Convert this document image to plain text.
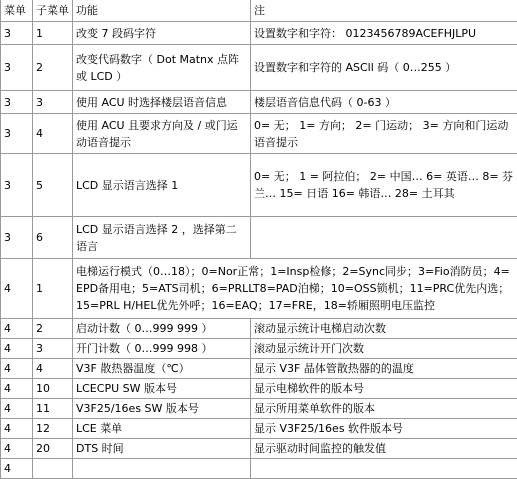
菜单	子菜单	功能	注
3	1	改变 7 段码字符	设置数字和字符： 0123456789ACEFHJLPU
3	2	改变代码数字（ Dot Matnx 点阵或 LCD ）	设置数字和字符的 ASCll 码（ 0…255 ）
3	3	使用 ACU 时选择楼层语音信息	楼层语音信息代码（ 0-63 ）
3	4	使用 ACU 且要求方向及 / 或门运动语音提示	0= 无； 1= 方向； 2= 门运动； 3= 方向和门运动语音提示
3	5	LCD 显示语言选择 1	0= 无； 1 = 阿拉伯； 2= 中国… 6= 英语… 8= 芬兰… 15= 日语 16= 韩语… 28= 土耳其
3	6	LCD 显示语言选择 2 ，选择第二语言	
4	1	电梯运行模式（0…18）；0=Nor正常；1=Insp检修；2=Sync同步；3=Fio消防员；4=EPD备用电；5=ATS司机；6=PRLLT8=PAD泊梯；10=OSS锁机；11=PRC优先内选；15=PRL H/HEL优先外呼；16=EAQ；17=FRE，18=轿厢照明电压监控	
4	2	启动计数（ 0…999 999 ）	滚动显示统计电梯启动次数
4	3	开门计数（ 0…999 998 ）	滚动显示统计开门次数
4	4	V3F 散热器温度（℃）	显示 V3F 晶体管散热器的的温度
4	10	LCECPU SW 版本号	显示电梯软件的版本号
4	11	V3F25/16es SW 版本号	显示所用菜单软件的版本
4	12	LCE 菜单	显示 V3F25/16es 软件版本号
4	20	DTS 时间	显示驱动时间监控的触发值
4			
